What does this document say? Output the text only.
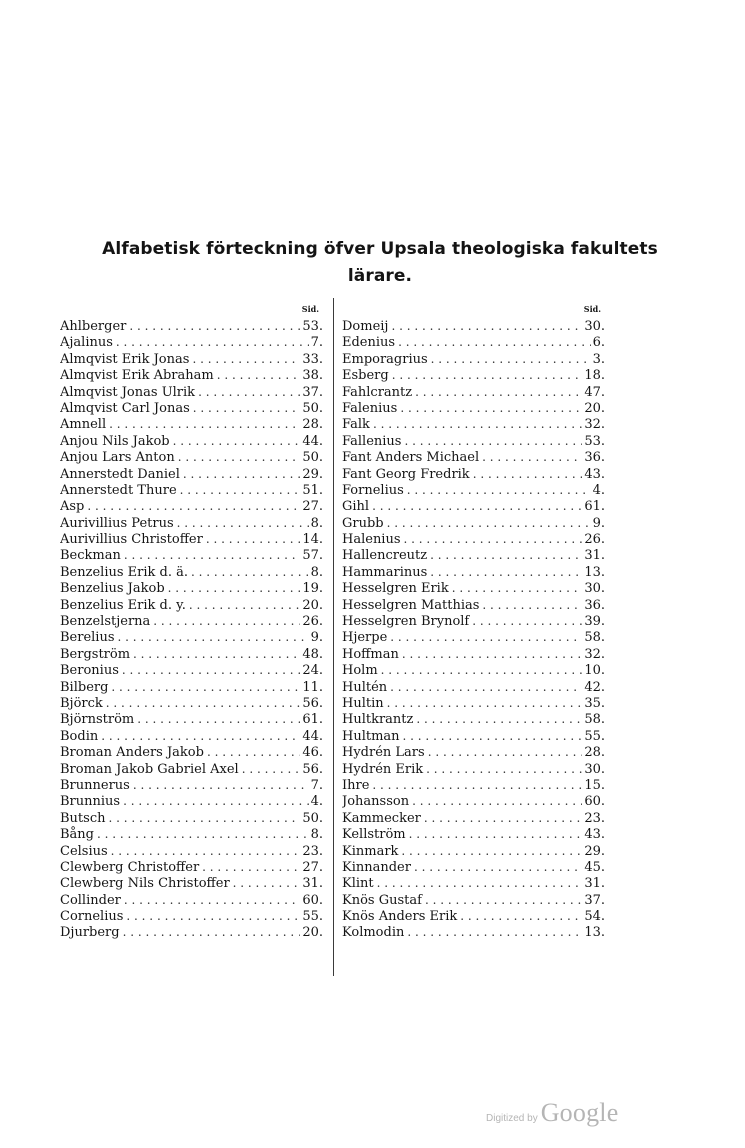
Alfabetisk förteckning öfver Upsala theologiska fakultets
lärare.
Sid.
Ahlberger . . .	53.
Ajalinus . . .	7.
Almqvist Erik Jonas . . .	33.
Almqvist Erik Abraham . . .	38.
Almqvist Jonas Ulrik . . .	37.
Almqvist Carl Jonas . . .	50.
Amnell . . .	28.
Anjou Nils Jakob . . .	44.
Anjou Lars Anton . . .	50.
Annerstedt Daniel . . .	29.
Annerstedt Thure . . .	51.
Asp . . .	27.
Aurivillius Petrus . . .	8.
Aurivillius Christoffer . . .	14.
Beckman . . .	57.
Benzelius Erik d. ä. . . .	8.
Benzelius Jakob . . .	19.
Benzelius Erik d. y. . . .	20.
Benzelstjerna . . .	26.
Berelius . . .	9.
Bergström . . .	48.
Beronius . . .	24.
Bilberg . . .	11.
Björck . . .	56.
Björnström . . .	61.
Bodin . . .	44.
Broman Anders Jakob . . .	46.
Broman Jakob Gabriel Axel . . .	56.
Brunnerus . . .	7.
Brunnius . . .	4.
Butsch . . .	50.
Bång . . .	8.
Celsius . . .	23.
Clewberg Christoffer . . .	27.
Clewberg Nils Christoffer . . .	31.
Collinder . . .	60.
Cornelius . . .	55.
Djurberg . . .	20.
Sid.
Domeij . . .	30.
Edenius . . .	6.
Emporagrius . . .	3.
Esberg . . .	18.
Fahlcrantz . . .	47.
Falenius . . .	20.
Falk . . .	32.
Fallenius . . .	53.
Fant Anders Michael . . .	36.
Fant Georg Fredrik . . .	43.
Fornelius . . .	4.
Gihl . . .	61.
Grubb . . .	9.
Halenius . . .	26.
Hallencreutz . . .	31.
Hammarinus . . .	13.
Hesselgren Erik . . .	30.
Hesselgren Matthias . . .	36.
Hesselgren Brynolf . . .	39.
Hjerpe . . .	58.
Hoffman . . .	32.
Holm . . .	10.
Hultén . . .	42.
Hultin . . .	35.
Hultkrantz . . .	58.
Hultman . . .	55.
Hydrén Lars . . .	28.
Hydrén Erik . . .	30.
Ihre . . .	15.
Johansson . . .	60.
Kammecker . . .	23.
Kellström . . .	43.
Kinmark . . .	29.
Kinnander . . .	45.
Klint . . .	31.
Knös Gustaf . . .	37.
Knös Anders Erik . . .	54.
Kolmodin . . .	13.
Digitized by Google
